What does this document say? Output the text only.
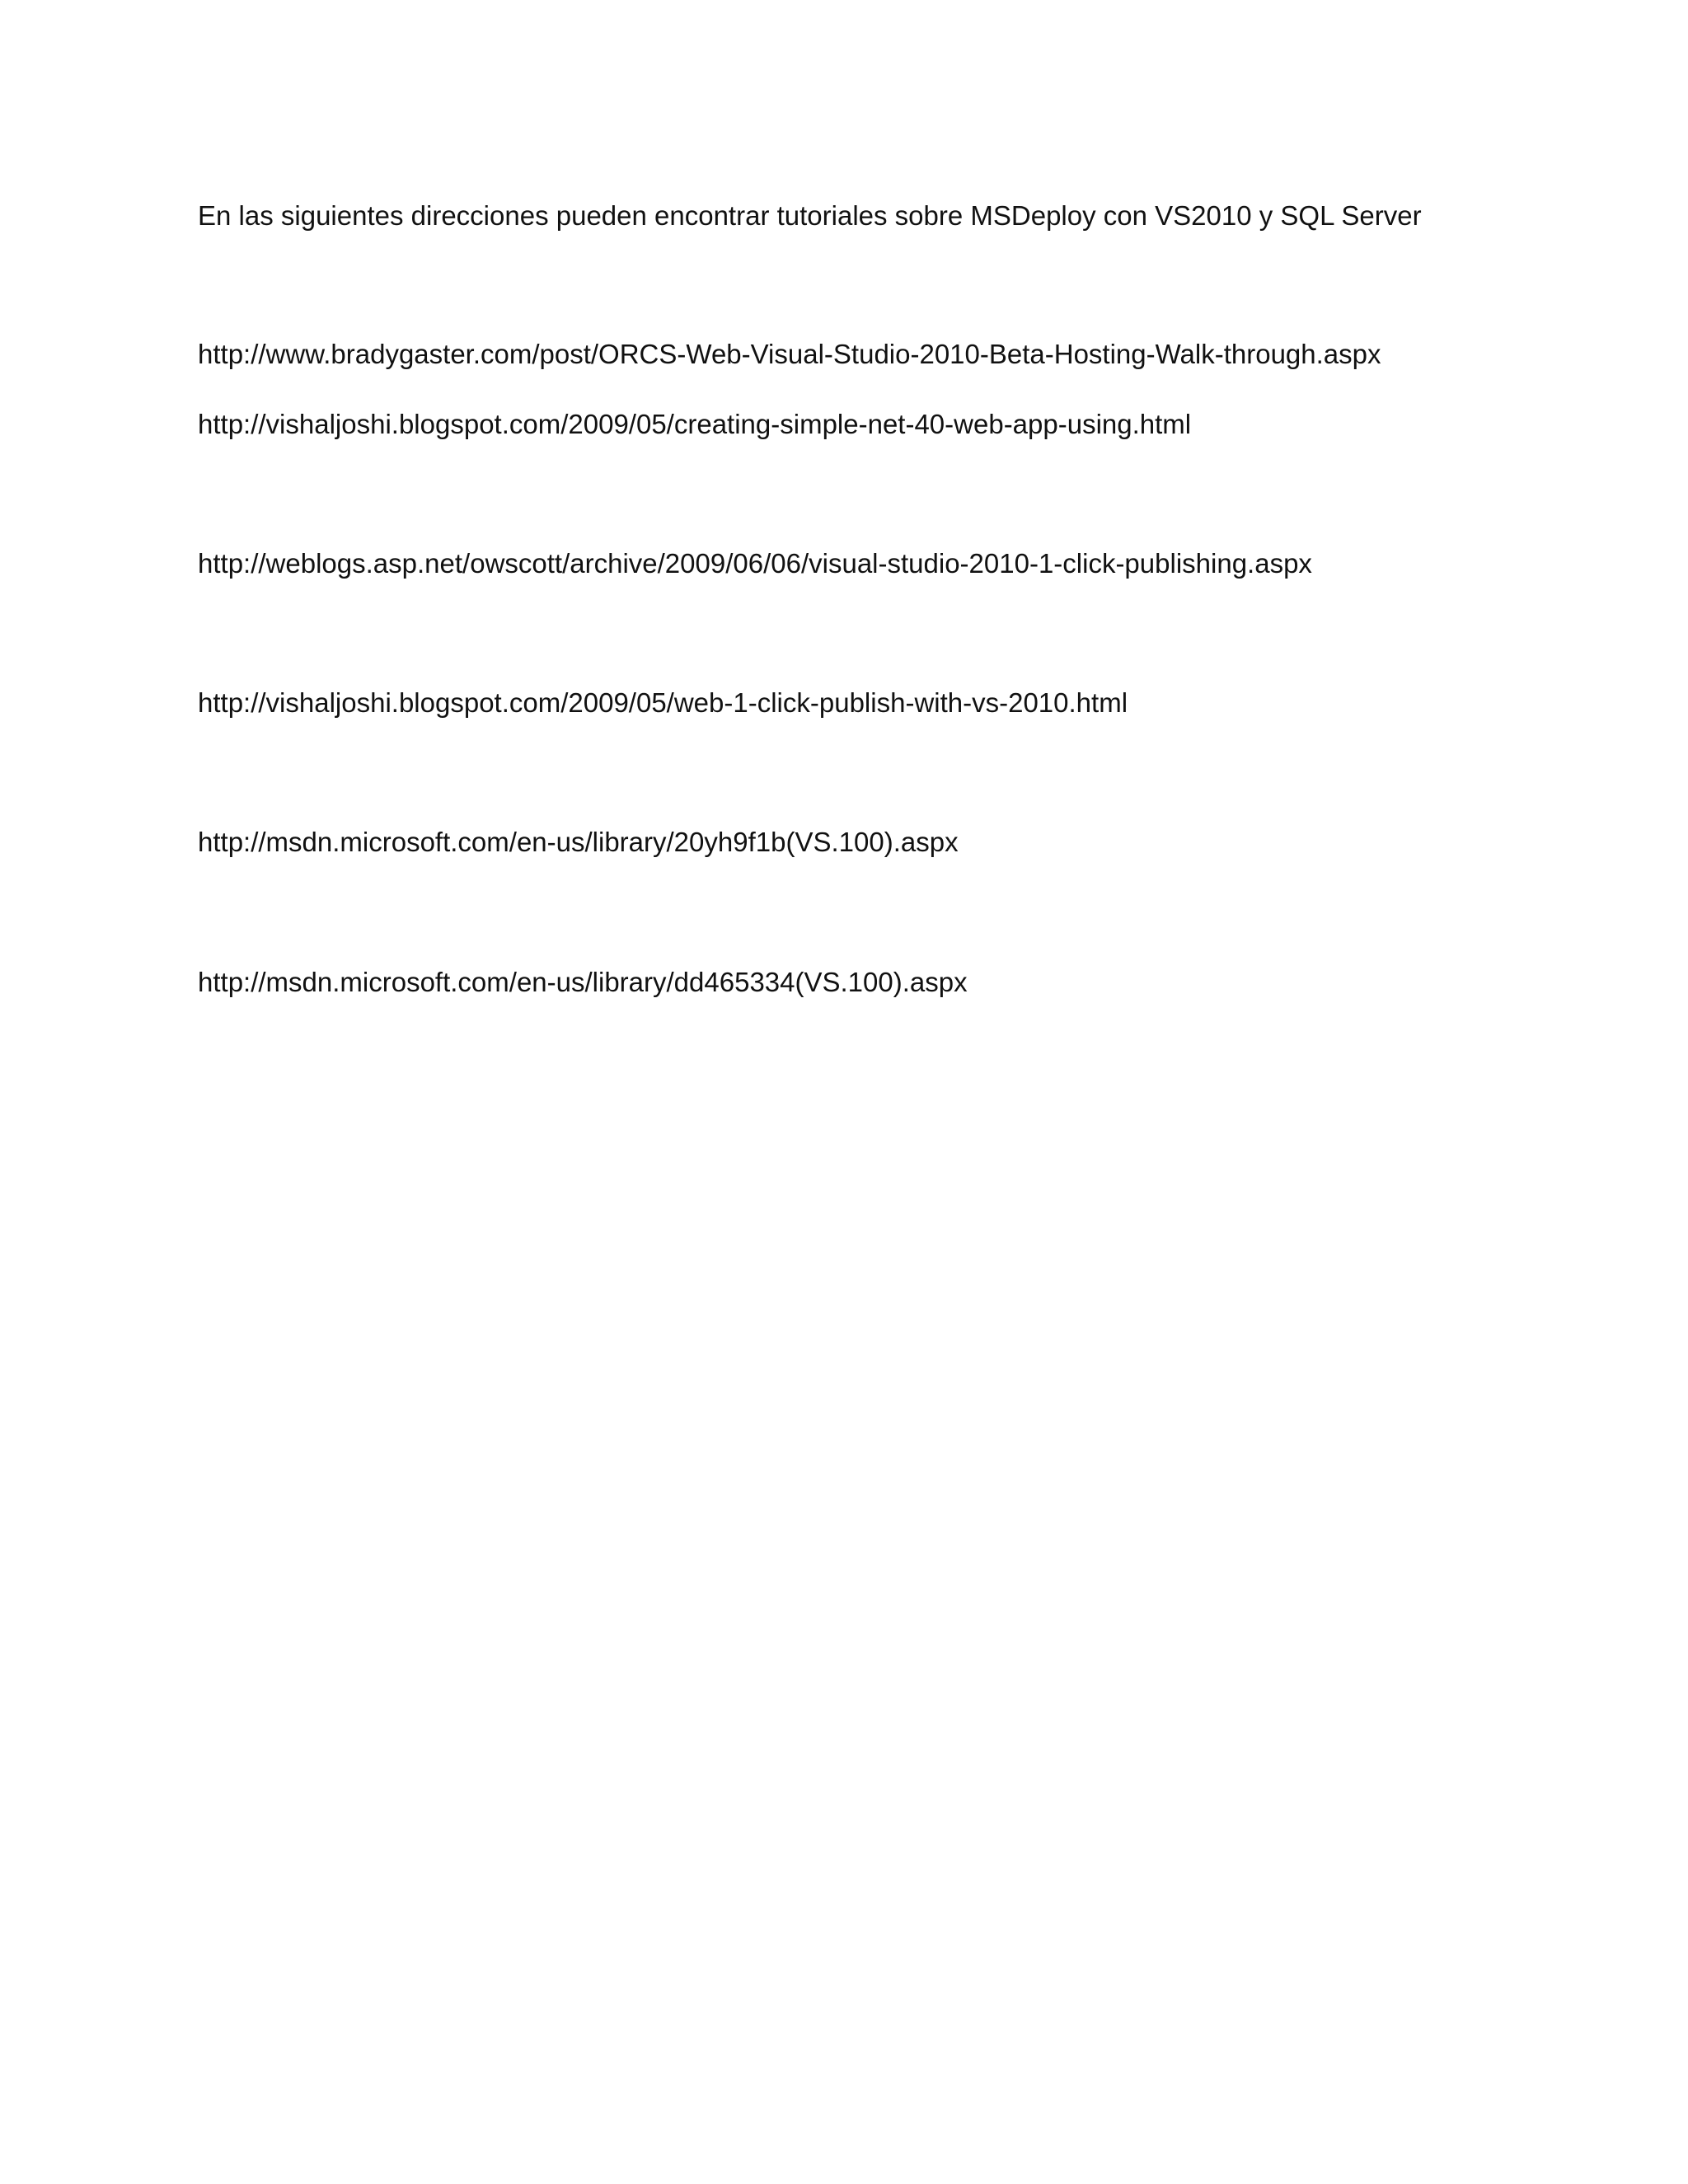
En las siguientes direcciones pueden encontrar tutoriales sobre MSDeploy con VS2010 y SQL Server
http://www.bradygaster.com/post/ORCS-Web-Visual-Studio-2010-Beta-Hosting-Walk-through.aspx
http://vishaljoshi.blogspot.com/2009/05/creating-simple-net-40-web-app-using.html
http://weblogs.asp.net/owscott/archive/2009/06/06/visual-studio-2010-1-click-publishing.aspx
http://vishaljoshi.blogspot.com/2009/05/web-1-click-publish-with-vs-2010.html
http://msdn.microsoft.com/en-us/library/20yh9f1b(VS.100).aspx
http://msdn.microsoft.com/en-us/library/dd465334(VS.100).aspx
